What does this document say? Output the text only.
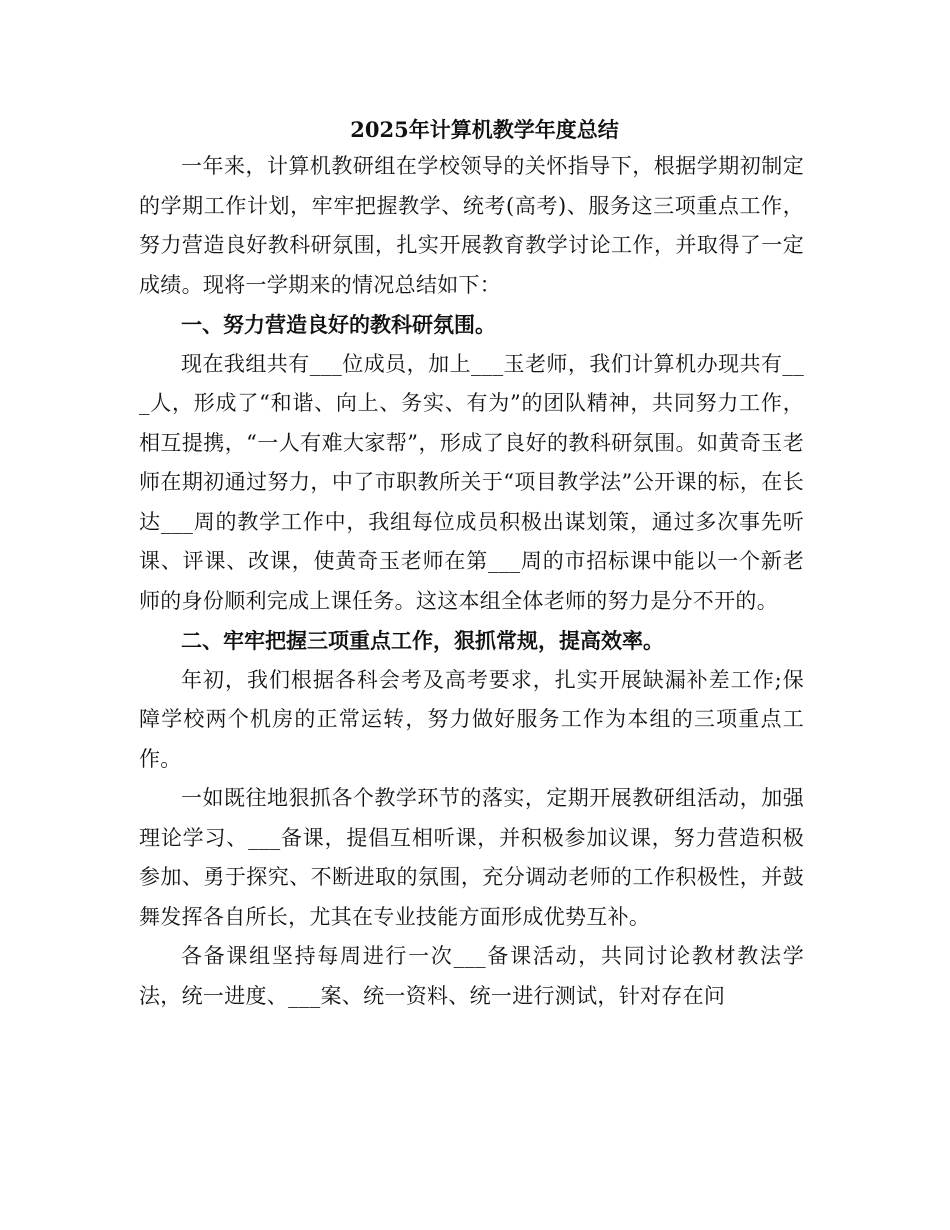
2025年计算机教学年度总结

一年来，计算机教研组在学校领导的关怀指导下，根据学期初制定的学期工作计划，牢牢把握教学、统考(高考)、服务这三项重点工作，努力营造良好教科研氛围，扎实开展教育教学讨论工作，并取得了一定成绩。现将一学期来的情况总结如下：

一、努力营造良好的教科研氛围。

现在我组共有___位成员，加上___玉老师，我们计算机办现共有___人，形成了“和谐、向上、务实、有为”的团队精神，共同努力工作，相互提携，“一人有难大家帮”，形成了良好的教科研氛围。如黄奇玉老师在期初通过努力，中了市职教所关于“项目教学法”公开课的标，在长达___周的教学工作中，我组每位成员积极出谋划策，通过多次事先听课、评课、改课，使黄奇玉老师在第___周的市招标课中能以一个新老师的身份顺利完成上课任务。这这本组全体老师的努力是分不开的。

二、牢牢把握三项重点工作，狠抓常规，提高效率。

年初，我们根据各科会考及高考要求，扎实开展缺漏补差工作;保障学校两个机房的正常运转，努力做好服务工作为本组的三项重点工作。

一如既往地狠抓各个教学环节的落实，定期开展教研组活动，加强理论学习、___备课，提倡互相听课，并积极参加议课，努力营造积极参加、勇于探究、不断进取的氛围，充分调动老师的工作积极性，并鼓舞发挥各自所长，尤其在专业技能方面形成优势互补。

各备课组坚持每周进行一次___备课活动，共同讨论教材教法学法，统一进度、___案、统一资料、统一进行测试，针对存在问
